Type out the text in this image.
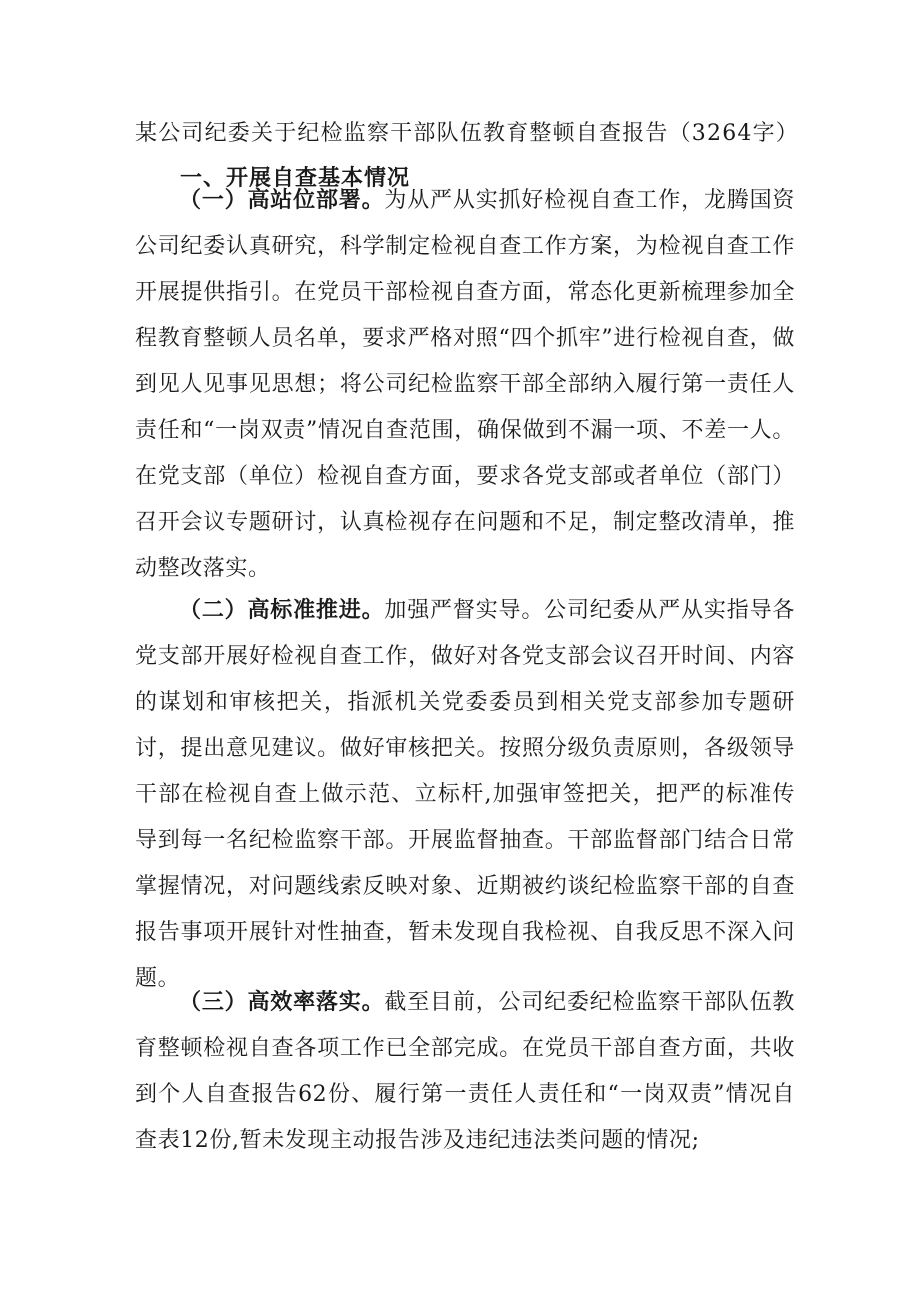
某公司纪委关于纪检监察干部队伍教育整顿自查报告（3264字）
一、开展自查基本情况

（一）高站位部署。为从严从实抓好检视自查工作，龙腾国资公司纪委认真研究，科学制定检视自查工作方案，为检视自查工作开展提供指引。在党员干部检视自查方面，常态化更新梳理参加全程教育整顿人员名单，要求严格对照“四个抓牢”进行检视自查，做到见人见事见思想；将公司纪检监察干部全部纳入履行第一责任人责任和“一岗双责”情况自查范围，确保做到不漏一项、不差一人。在党支部（单位）检视自查方面，要求各党支部或者单位（部门）召开会议专题研讨，认真检视存在问题和不足，制定整改清单，推动整改落实。

（二）高标准推进。加强严督实导。公司纪委从严从实指导各党支部开展好检视自查工作，做好对各党支部会议召开时间、内容的谋划和审核把关，指派机关党委委员到相关党支部参加专题研讨，提出意见建议。做好审核把关。按照分级负责原则，各级领导干部在检视自查上做示范、立标杆,加强审签把关，把严的标准传导到每一名纪检监察干部。开展监督抽查。干部监督部门结合日常掌握情况，对问题线索反映对象、近期被约谈纪检监察干部的自查报告事项开展针对性抽查，暂未发现自我检视、自我反思不深入问题。

（三）高效率落实。截至目前，公司纪委纪检监察干部队伍教育整顿检视自查各项工作已全部完成。在党员干部自查方面，共收到个人自查报告62份、履行第一责任人责任和“一岗双责”情况自查表12份,暂未发现主动报告涉及违纪违法类问题的情况;
